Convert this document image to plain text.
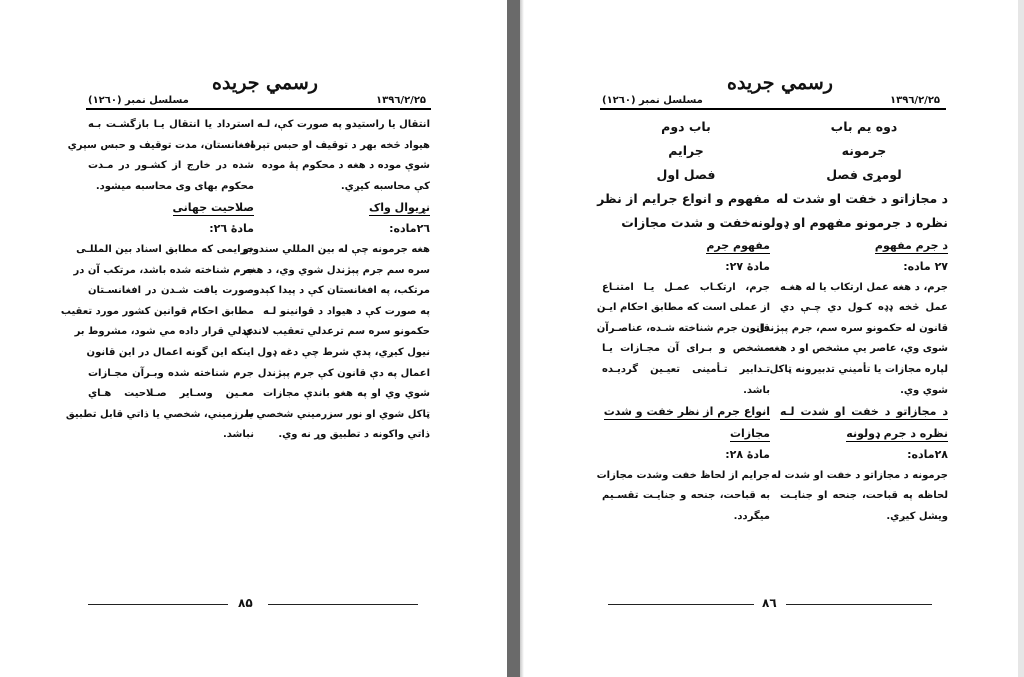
رسمي جريده
مسلسل نمبر (۱۲٦۰)	۱۳۹٦/۲/۲۵

انتقال يا راستيدو په صورت کې، لـه

هيواد څخه بهر د توقيف او حبس تېره

شوې موده د هغه د محکوم پهٔ موده

کې محاسبه کيږي.

نړيوال واک

۲٦ماده:

هغه جرمونه چې له بين المللي سندونو

سره سم جرم پېژندل شوي وي، د هغه

مرتکب، په افغانستان کې د پيدا کېدو

په صورت کې د هيواد د قوانينو لـه

حکمونو سره سم ترعدلي تعقيب لاندې

نيول کيږي، پدې شرط چې دغه ډول

اعمال په دې قانون کې جرم پېژندل

شوي وي او په هغو باندې مجازات

ټاکل شوي او نور سزرميني شخصي يا

ذاتي واکونه د تطبيق وړ نه وي.

استرداد يا انتقال يـا بازگشـت بـه

افغانستان، مدت توقيف و حبس سپري

شده در خارج از کشـور در مـدت

محکوم بهای وی محاسبه میشود.

صلاحيت جهانی

مادهٔ ۲٦:

جرايمی که مطابق اسناد بين المللـی

جرم شناخته شده باشد، مرتکب آن در

صورت يافت شـدن در افغانسـتان

مطابق احکام قوانين کشور مورد تعقيب

عدلي قرار داده مي شود، مشروط بر

اينکه اين گونه اعمال در اين قانون

جرم شناخته شده وبـرآن مجـازات

معـين وسـاير صـلاحيت هـاي

سرزميني، شخصي يا ذاتي قابل تطبيق

نباشد.

۸۵
رسمي جريده
مسلسل نمبر (۱۲٦۰)	۱۳۹٦/۲/۲۵

دوه يم باب

جرمونه

لومړی فصل

د مجازاتو د خفت او شدت له

نظره د جرمونو مفهوم او ډولونه

د جرم مفهوم

۲۷ ماده:

جرم، د هغه عمل ارتکاب يا له هغـه

عمل څخه ډډه کـول دي چـې دي

قانون له حکمونو سره سم، جرم پېژندل

شوی وي، عاصر يې مشخص او د هغه

لپاره مجازات يا تأميني تدبيرونه ټاکل

شوي وي.

د مجازاتو د خفت او شدت لـه

نظره د جرم ډولونه

۲۸ماده:

جرمونه د مجازاتو د خفت او شدت له

لحاظه په قباحت، جنحه او جنايـت

ويشل کيږي.

باب دوم

جرايم

فصل اول

مفهوم و انواع جرايم از نظر

خفت و شدت مجازات

مفهوم جرم

مادهٔ ۲۷:

جرم، ارتکـاب عمـل يـا امتنـاع

از عملی است که مطابق احکام ايـن

قانون جرم شناخته شـده، عناصـرآن

مشخص و بـرای آن مجـازات يـا

تـدابير تـأمينی تعيـين گرديـده

باشد.

انواع جرم از نظر خفت و شدت

مجازات

مادهٔ ۲۸:

جرايم از لحاظ خفت وشدت مجازات

به قباحت، جنحه و جنايـت تقسـيم

میگردد.

۸٦
